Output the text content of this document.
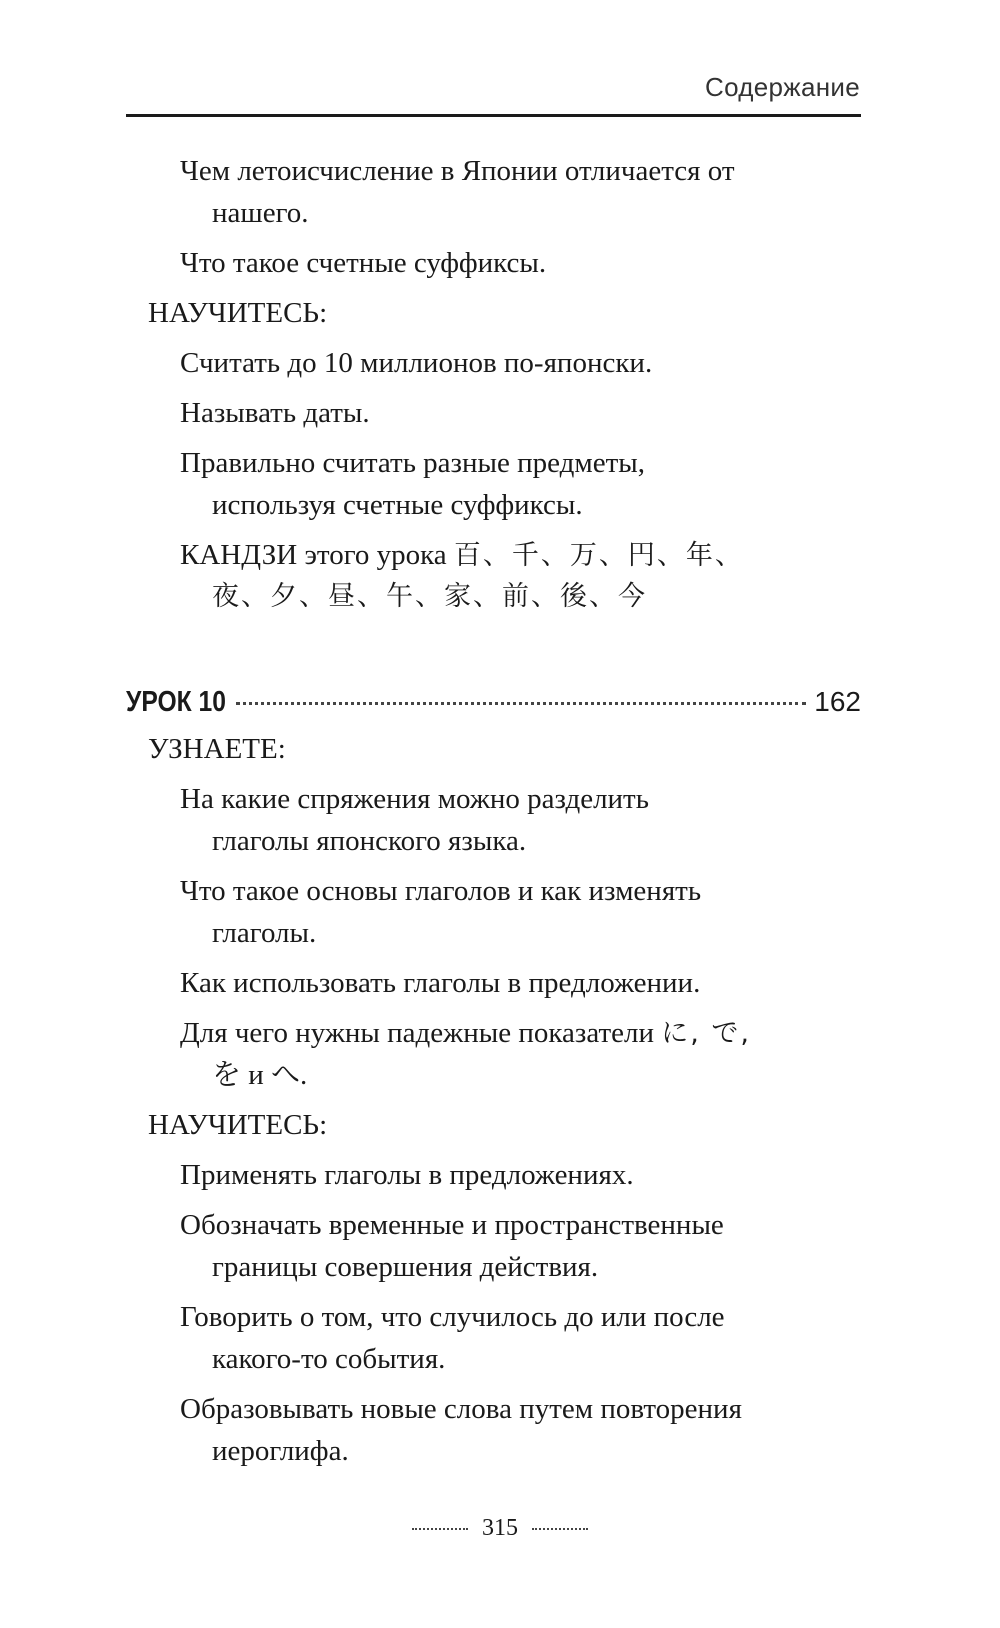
Содержание
Чем летоисчисление в Японии отличается от
нашего.
Что такое счетные суффиксы.
НАУЧИТЕСЬ:
Считать до 10 миллионов по-японски.
Называть даты.
Правильно считать разные предметы,
используя счетные суффиксы.
КАНДЗИ этого урока 百、千、万、円、年、
夜、夕、昼、午、家、前、後、今
УРОК 10	162
УЗНАЕТЕ:
На какие спряжения можно разделить
глаголы японского языка.
Что такое основы глаголов и как изменять
глаголы.
Как использовать глаголы в предложении.
Для чего нужны падежные показатели に, で,
を и へ.
НАУЧИТЕСЬ:
Применять глаголы в предложениях.
Обозначать временные и пространственные
границы совершения действия.
Говорить о том, что случилось до или после
какого-то события.
Образовывать новые слова путем повторения
иероглифа.
315
